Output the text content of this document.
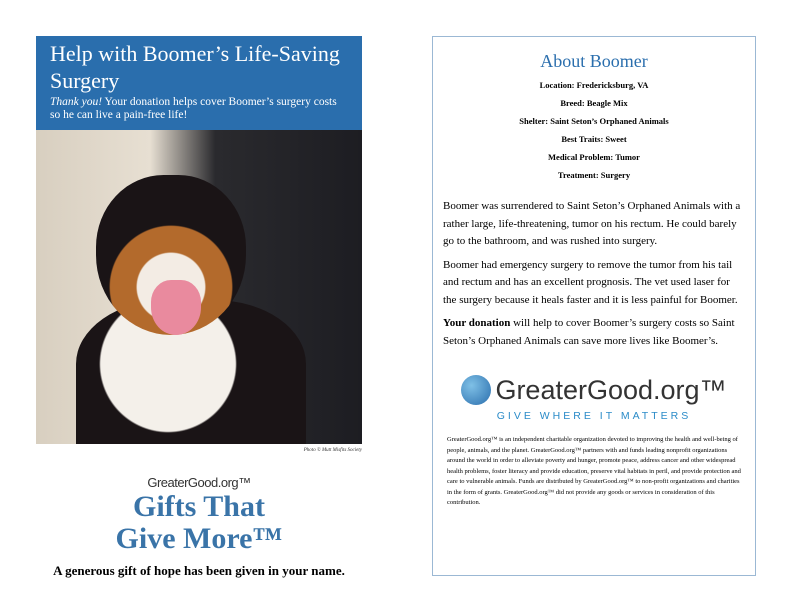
Help with Boomer’s Life-Saving Surgery

Thank you! Your donation helps cover Boomer’s surgery costs so he can live a pain-free life!

Photo © Mutt Misfits Society
GreaterGood.org™
Gifts That
Give More™
A generous gift of hope has been given in your name.
About Boomer
Location: Fredericksburg, VA
Breed: Beagle Mix
Shelter: Saint Seton’s Orphaned Animals
Best Traits: Sweet
Medical Problem: Tumor
Treatment: Surgery

Boomer was surrendered to Saint Seton’s Orphaned Animals with a rather large, life-threatening, tumor on his rectum. He could barely go to the bathroom, and was rushed into surgery.

Boomer had emergency surgery to remove the tumor from his tail and rectum and has an excellent prognosis. The vet used laser for the surgery because it heals faster and it is less painful for Boomer.

Your donation will help to cover Boomer’s surgery costs so Saint Seton’s Orphaned Animals can save more lives like Boomer’s.

GreaterGood.org™
GIVE WHERE IT MATTERS
GreaterGood.org™ is an independent charitable organization devoted to improving the health and well-being of people, animals, and the planet. GreaterGood.org™ partners with and funds leading nonprofit organizations around the world in order to alleviate poverty and hunger, promote peace, address cancer and other widespread health problems, foster literacy and provide education, preserve vital habitats in peril, and provide protection and care to vulnerable animals. Funds are distributed by GreaterGood.org™ to non-profit organizations and charities in the form of grants. GreaterGood.org™ did not provide any goods or services in consideration of this contribution.
